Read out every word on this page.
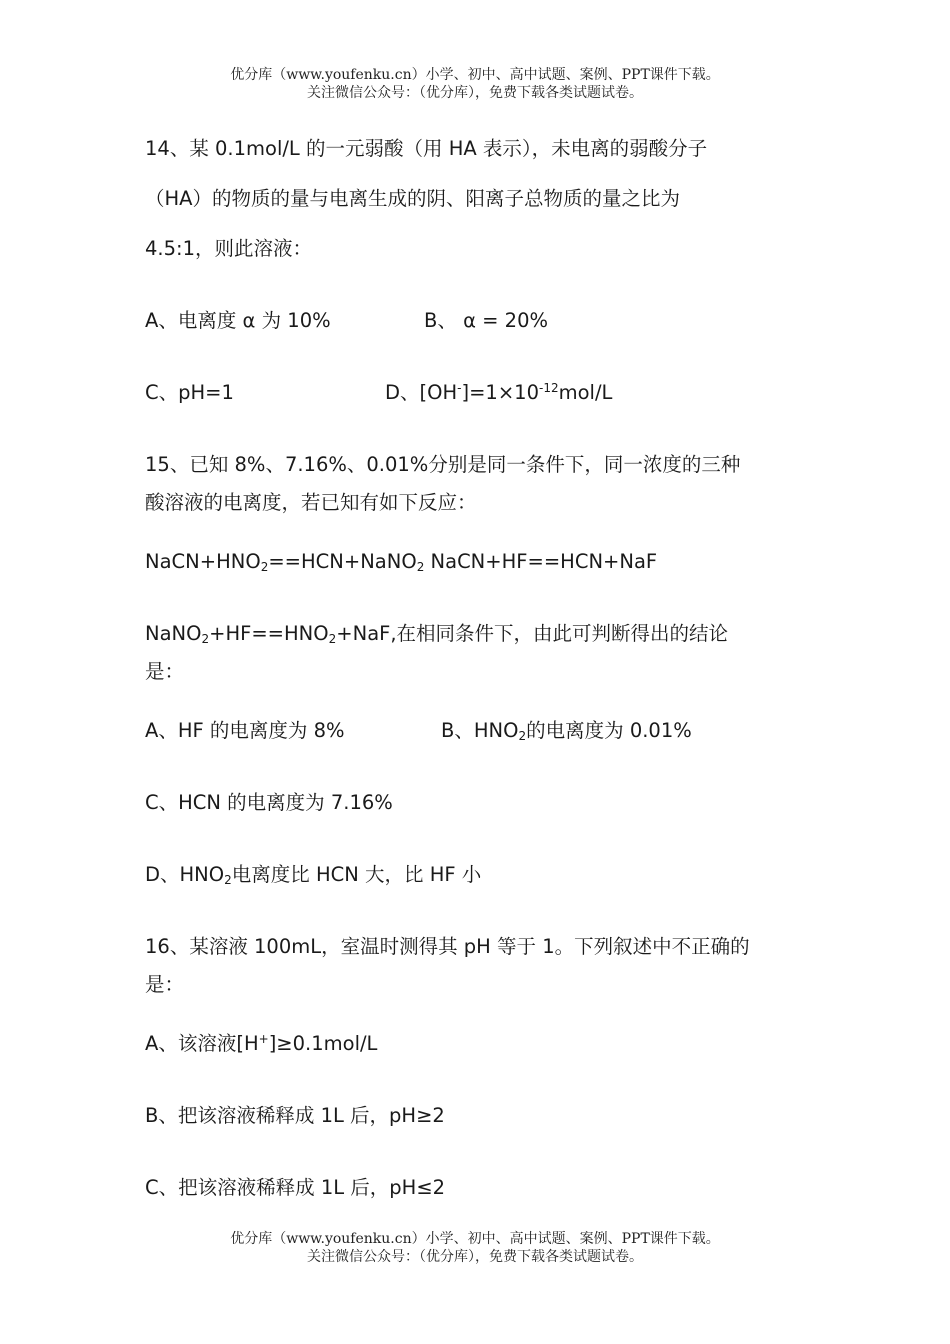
优分库（www.youfenku.cn）小学、初中、高中试题、案例、PPT课件下载。
关注微信公众号：（优分库），免费下载各类试题试卷。
14、某 0.1mol/L 的一元弱酸（用 HA 表示），未电离的弱酸分子
（HA）的物质的量与电离生成的阴、阳离子总物质的量之比为
4.5:1，则此溶液：
A、电离度 α 为 10%	B、 α = 20%
C、pH=1	D、$[OH^-]=1\times 10^{-12}mol/L$
15、已知 8%、7.16%、0.01%分别是同一条件下，同一浓度的三种
酸溶液的电离度，若已知有如下反应：
$NaCN+HNO_2==HCN+NaNO_2$ NaCN+HF==HCN+NaF
$NaNO_2+HF==HNO_2+NaF$,在相同条件下，由此可判断得出的结论
是：
A、HF 的电离度为 8%	B、$HNO_2$的电离度为 0.01%
C、HCN 的电离度为 7.16%
D、$HNO_2$电离度比 HCN 大，比 HF 小
16、某溶液 100mL，室温时测得其 pH 等于 1。下列叙述中不正确的
是：
A、该溶液[H+]≥0.1mol/L
B、把该溶液稀释成 1L 后，pH≥2
C、把该溶液稀释成 1L 后，pH≤2
优分库（www.youfenku.cn）小学、初中、高中试题、案例、PPT课件下载。
关注微信公众号：（优分库），免费下载各类试题试卷。
